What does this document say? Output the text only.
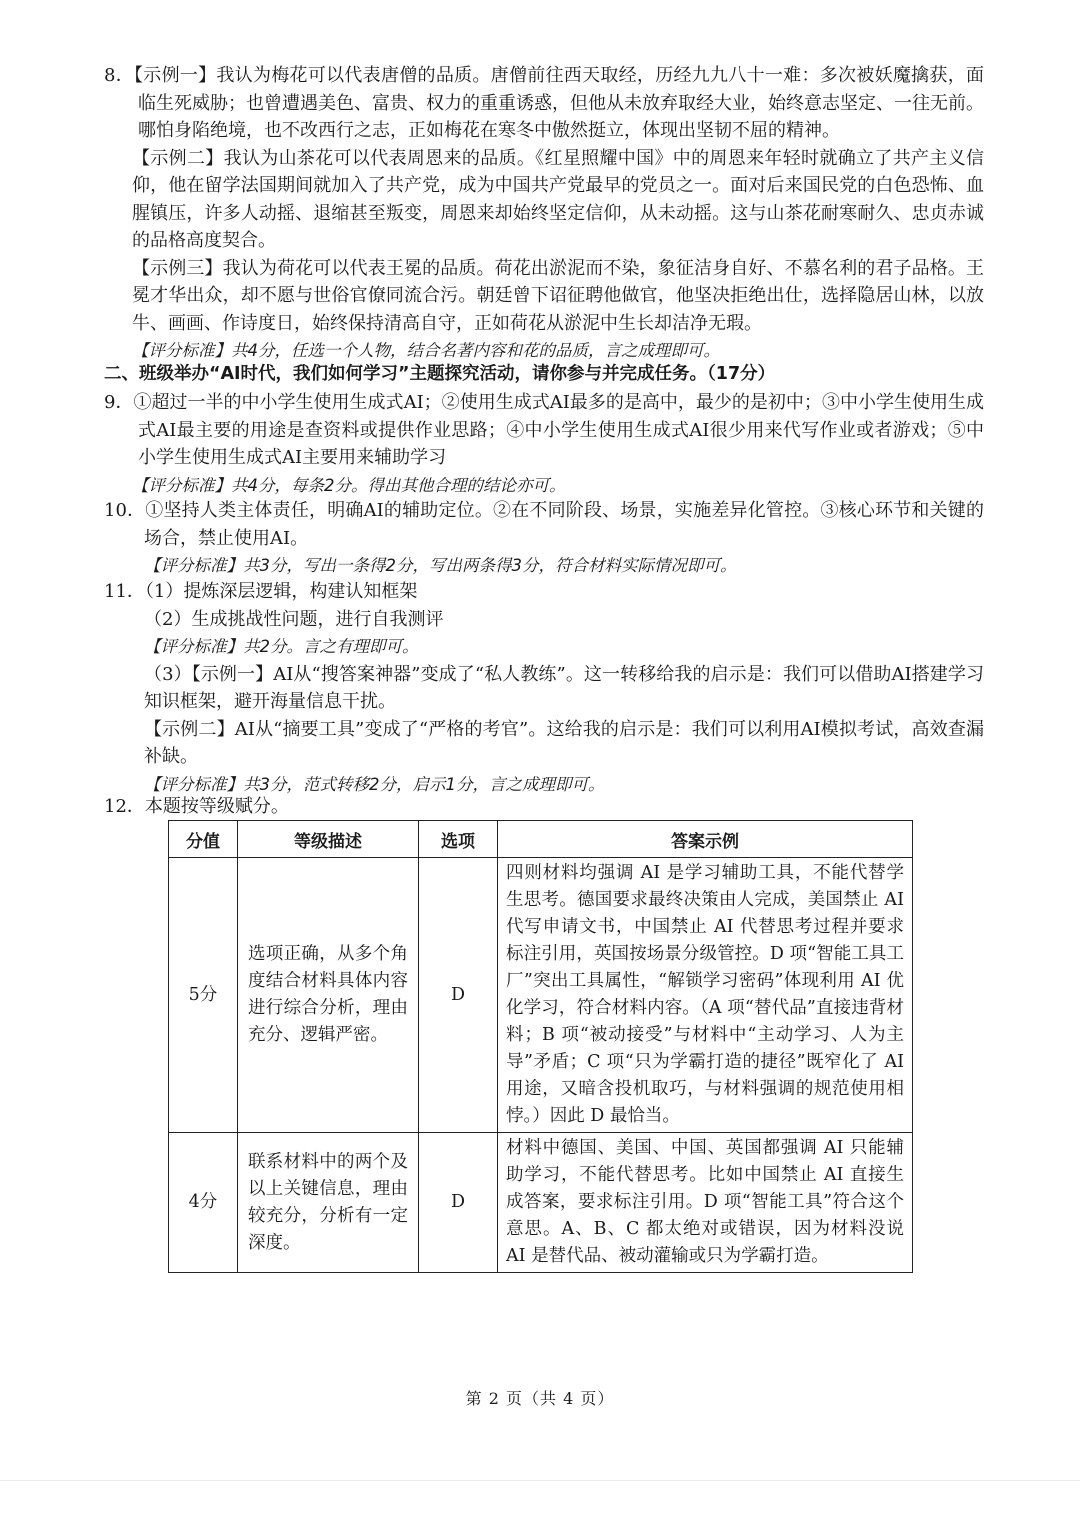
8．【示例一】我认为梅花可以代表唐僧的品质。唐僧前往西天取经，历经九九八十一难：多次被妖魔擒获，面临生死威胁；也曾遭遇美色、富贵、权力的重重诱惑，但他从未放弃取经大业，始终意志坚定、一往无前。哪怕身陷绝境，也不改西行之志，正如梅花在寒冬中傲然挺立，体现出坚韧不屈的精神。

【示例二】我认为山茶花可以代表周恩来的品质。《红星照耀中国》中的周恩来年轻时就确立了共产主义信仰，他在留学法国期间就加入了共产党，成为中国共产党最早的党员之一。面对后来国民党的白色恐怖、血腥镇压，许多人动摇、退缩甚至叛变，周恩来却始终坚定信仰，从未动摇。这与山茶花耐寒耐久、忠贞赤诚的品格高度契合。

【示例三】我认为荷花可以代表王冕的品质。荷花出淤泥而不染，象征洁身自好、不慕名利的君子品格。王冕才华出众，却不愿与世俗官僚同流合污。朝廷曾下诏征聘他做官，他坚决拒绝出仕，选择隐居山林，以放牛、画画、作诗度日，始终保持清高自守，正如荷花从淤泥中生长却洁净无瑕。

【评分标准】共4分，任选一个人物，结合名著内容和花的品质，言之成理即可。

二、班级举办“AI时代，我们如何学习”主题探究活动，请你参与并完成任务。（17分）

9．①超过一半的中小学生使用生成式AI；②使用生成式AI最多的是高中，最少的是初中；③中小学生使用生成式AI最主要的用途是查资料或提供作业思路；④中小学生使用生成式AI很少用来代写作业或者游戏；⑤中小学生使用生成式AI主要用来辅助学习

【评分标准】共4分，每条2分。得出其他合理的结论亦可。

10．①坚持人类主体责任，明确AI的辅助定位。②在不同阶段、场景，实施差异化管控。③核心环节和关键的场合，禁止使用AI。

【评分标准】共3分，写出一条得2分，写出两条得3分，符合材料实际情况即可。

11．（1）提炼深层逻辑，构建认知框架

（2）生成挑战性问题，进行自我测评

【评分标准】共2分。言之有理即可。

（3）【示例一】AI从“搜答案神器”变成了“私人教练”。这一转移给我的启示是：我们可以借助AI搭建学习知识框架，避开海量信息干扰。

【示例二】AI从“摘要工具”变成了“严格的考官”。这给我的启示是：我们可以利用AI模拟考试，高效查漏补缺。

【评分标准】共3分，范式转移2分，启示1分，言之成理即可。

12．本题按等级赋分。
分值	等级描述	选项	答案示例
5分	选项正确，从多个角度结合材料具体内容进行综合分析，理由充分、逻辑严密。	D	四则材料均强调 AI 是学习辅助工具，不能代替学生思考。德国要求最终决策由人完成，美国禁止 AI 代写申请文书，中国禁止 AI 代替思考过程并要求标注引用，英国按场景分级管控。D 项“智能工具工厂”突出工具属性，“解锁学习密码”体现利用 AI 优化学习，符合材料内容。（A 项“替代品”直接违背材料；B 项“被动接受”与材料中“主动学习、人为主导”矛盾；C 项“只为学霸打造的捷径”既窄化了 AI 用途，又暗含投机取巧，与材料强调的规范使用相悖。）因此 D 最恰当。
4分	联系材料中的两个及以上关键信息，理由较充分，分析有一定深度。	D	材料中德国、美国、中国、英国都强调 AI 只能辅助学习，不能代替思考。比如中国禁止 AI 直接生成答案，要求标注引用。D 项“智能工具”符合这个意思。A、B、C 都太绝对或错误，因为材料没说 AI 是替代品、被动灌输或只为学霸打造。
第 2 页（共 4 页）
